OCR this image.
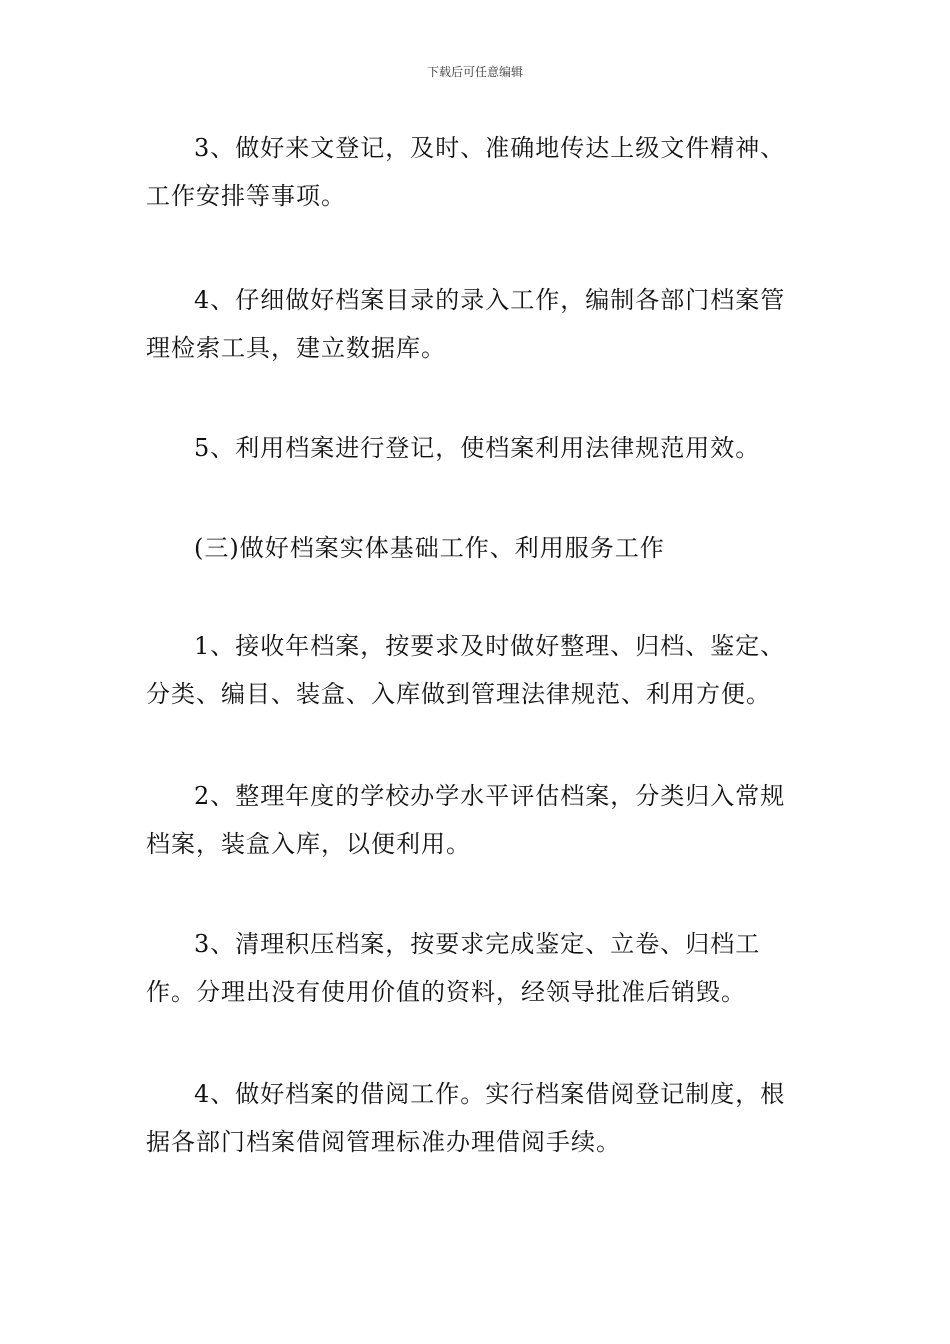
下载后可任意编辑

3、做好来文登记，及时、准确地传达上级文件精神、工作安排等事项。

4、仔细做好档案目录的录入工作，编制各部门档案管理检索工具，建立数据库。

5、利用档案进行登记，使档案利用法律规范用效。

(三)做好档案实体基础工作、利用服务工作

1、接收年档案，按要求及时做好整理、归档、鉴定、分类、编目、装盒、入库做到管理法律规范、利用方便。

2、整理年度的学校办学水平评估档案，分类归入常规档案，装盒入库，以便利用。

3、清理积压档案，按要求完成鉴定、立卷、归档工作。分理出没有使用价值的资料，经领导批准后销毁。

4、做好档案的借阅工作。实行档案借阅登记制度，根据各部门档案借阅管理标准办理借阅手续。
